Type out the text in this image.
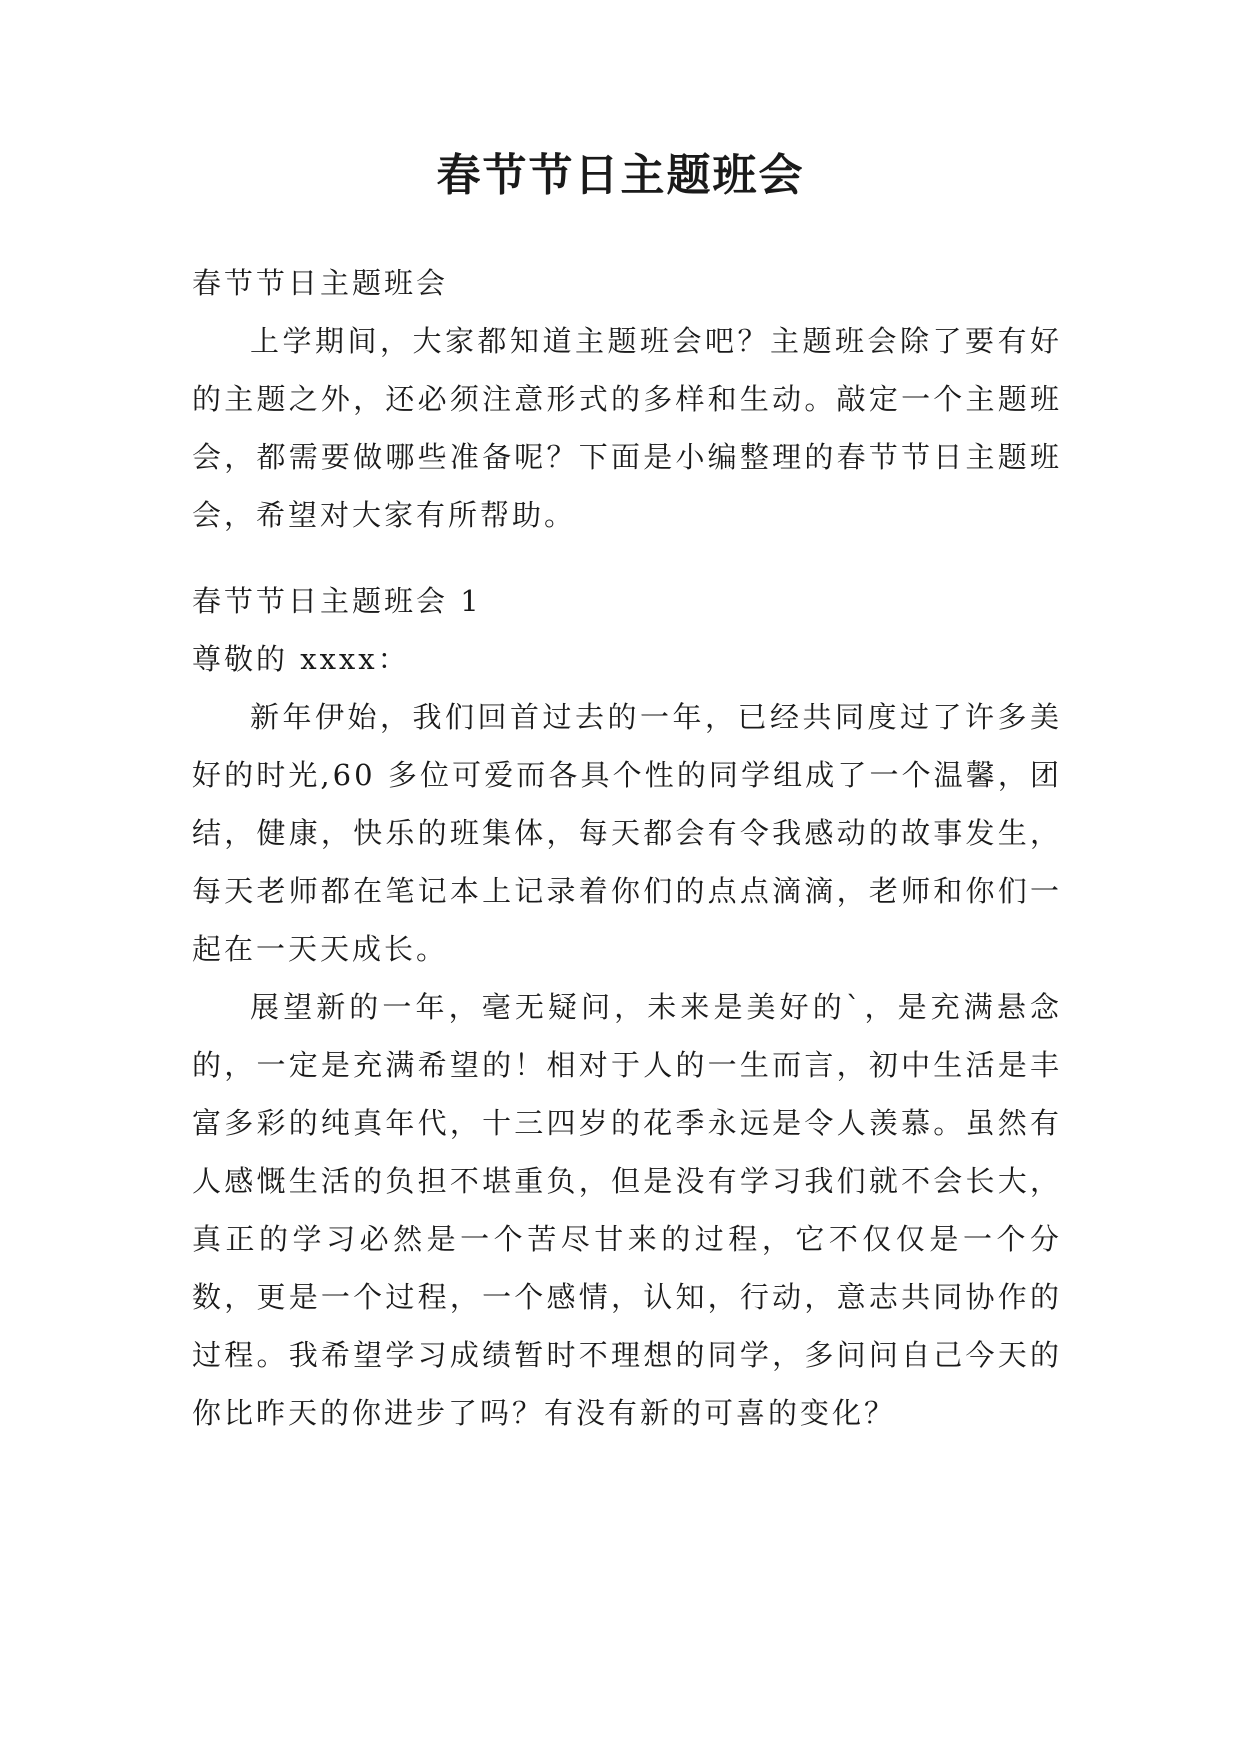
春节节日主题班会

春节节日主题班会

上学期间，大家都知道主题班会吧？主题班会除了要有好的主题之外，还必须注意形式的多样和生动。敲定一个主题班会，都需要做哪些准备呢？下面是小编整理的春节节日主题班会，希望对大家有所帮助。

春节节日主题班会 1

尊敬的 xxxx：

新年伊始，我们回首过去的一年，已经共同度过了许多美好的时光,60 多位可爱而各具个性的同学组成了一个温馨，团结，健康，快乐的班集体，每天都会有令我感动的故事发生，每天老师都在笔记本上记录着你们的点点滴滴，老师和你们一起在一天天成长。

展望新的一年，毫无疑问，未来是美好的`，是充满悬念的，一定是充满希望的！相对于人的一生而言，初中生活是丰富多彩的纯真年代，十三四岁的花季永远是令人羡慕。虽然有人感慨生活的负担不堪重负，但是没有学习我们就不会长大，真正的学习必然是一个苦尽甘来的过程，它不仅仅是一个分数，更是一个过程，一个感情，认知，行动，意志共同协作的过程。我希望学习成绩暂时不理想的同学，多问问自己今天的你比昨天的你进步了吗？有没有新的可喜的变化？
